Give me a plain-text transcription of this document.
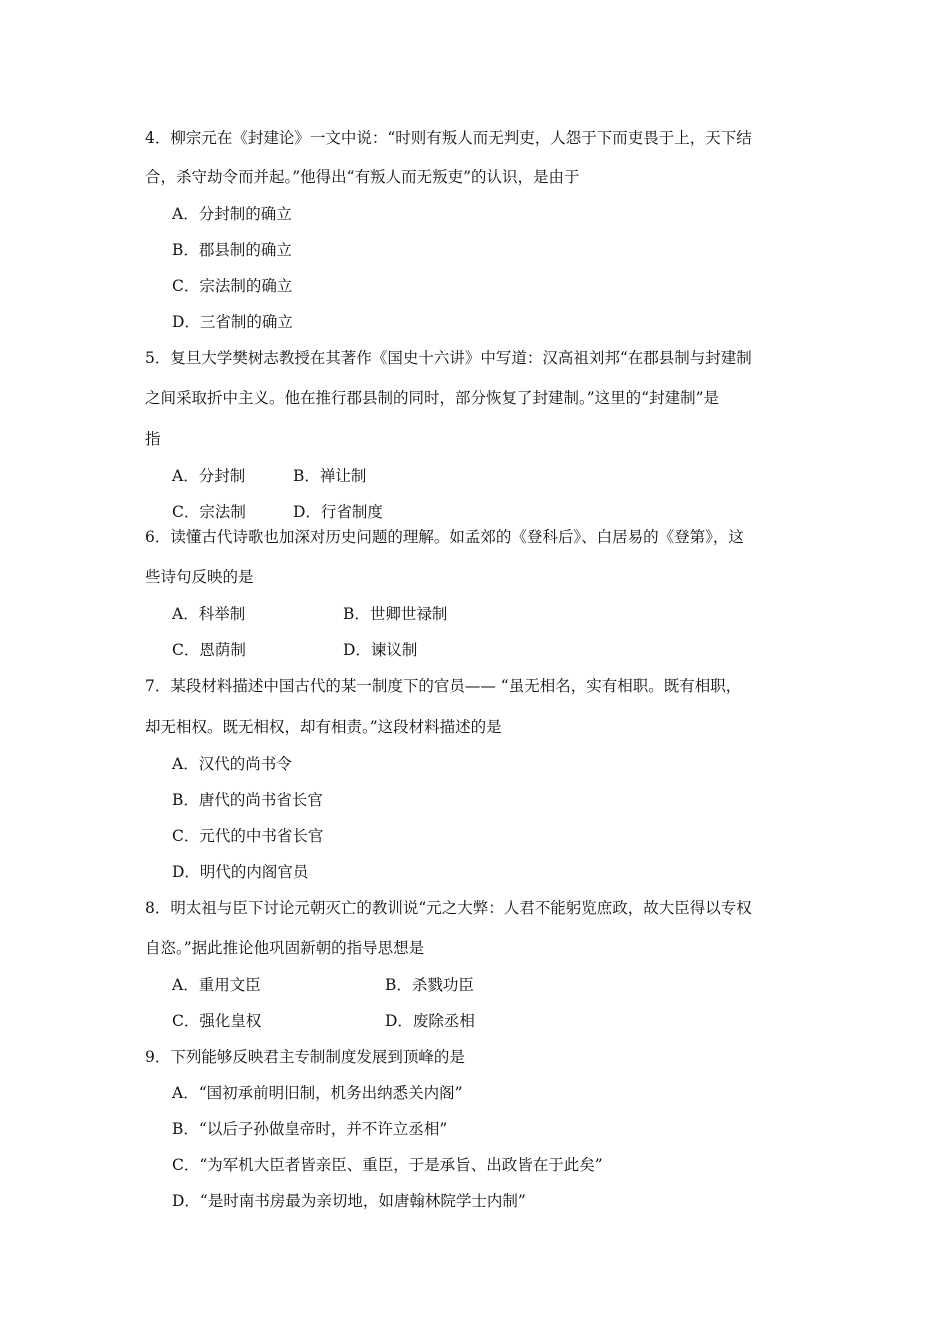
4．柳宗元在《封建论》一文中说：“时则有叛人而无判吏，人怨于下而吏畏于上，天下结
合，杀守劫令而并起。”他得出“有叛人而无叛吏”的认识，是由于
A．分封制的确立
B．郡县制的确立
C．宗法制的确立
D．三省制的确立
5．复旦大学樊树志教授在其著作《国史十六讲》中写道：汉高祖刘邦“在郡县制与封建制
之间采取折中主义。他在推行郡县制的同时，部分恢复了封建制。”这里的“封建制”是
指
A．分封制	B．禅让制
C．宗法制	D．行省制度
6．读懂古代诗歌也加深对历史问题的理解。如孟郊的《登科后》、白居易的《登第》，这
些诗句反映的是
A．科举制	B．世卿世禄制
C．恩荫制	D．谏议制
7．某段材料描述中国古代的某一制度下的官员—— “虽无相名，实有相职。既有相职，
却无相权。既无相权，却有相责。”这段材料描述的是
A．汉代的尚书令
B．唐代的尚书省长官
C．元代的中书省长官
D．明代的内阁官员
8．明太祖与臣下讨论元朝灭亡的教训说“元之大弊：人君不能躬览庶政，故大臣得以专权
自恣。”据此推论他巩固新朝的指导思想是
A．重用文臣	B．杀戮功臣
C．强化皇权	D．废除丞相
9．下列能够反映君主专制制度发展到顶峰的是
A．“国初承前明旧制，机务出纳悉关内阁”
B．“以后子孙做皇帝时，并不许立丞相”
C．“为军机大臣者皆亲臣、重臣，于是承旨、出政皆在于此矣”
D．“是时南书房最为亲切地，如唐翰林院学士内制”
